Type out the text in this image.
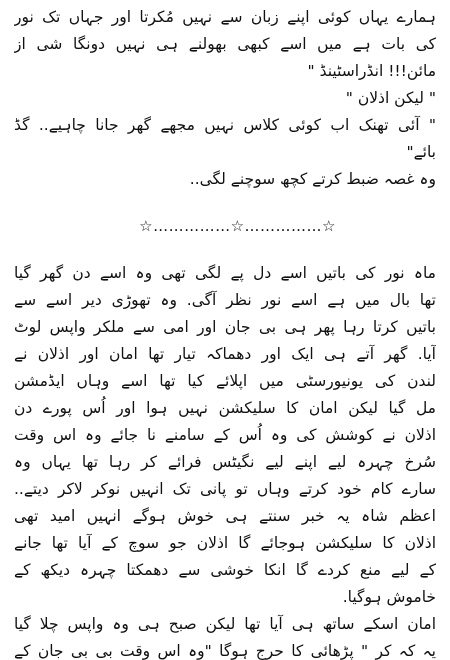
ہمارے یہاں کوئی اپنے زبان سے نہیں مُکرتا اور جہاں تک نور
کی بات ہے میں اسے کبھی بھولنے ہی نہیں دونگا شی از
مائن!!! انڈراسٹینڈ "
" لیکن اذلان "
" آئی تھنک اب کوئی کلاس نہیں مجھے گھر جانا چاہیے.. گڈ
بائے"
وہ غصہ ضبط کرتے کچھ سوچنے لگی..
☆……………☆……………☆
ماہ نور کی باتیں اسے دل پے لگی تھی وہ اسے دن گھر گیا
تھا بال میں ہے اسے نور نظر آگی. وہ تھوڑی دیر اسے سے
باتیں کرتا رہا پھر ہی بی جان اور امی سے ملکر واپس لوٹ
آیا. گھر آتے ہی ایک اور دھماکہ تیار تھا امان اور اذلان نے
لندن کی یونیورسٹی میں اپلائے کیا تھا اسے وہاں ایڈمشن
مل گیا لیکن امان کا سلیکشن نہیں ہوا اور اُس پورے دن
اذلان نے کوشش کی وہ اُس کے سامنے نا جائے وہ اس وقت
سُرخ چہرہ لیے اپنے لیے نگیٹس فرائے کر رہا تھا یہاں وہ
سارے کام خود کرتے وہاں تو پانی تک انہیں نوکر لاکر دیتے..
اعظم شاہ یہ خبر سنتے ہی خوش ہوگے انہیں امید تھی
اذلان کا سلیکشن ہوجائے گا اذلان جو سوچ کے آیا تھا جانے
کے لیے منع کردے گا انکا خوشی سے دھمکتا چہرہ دیکھ کے
خاموش ہوگیا.
امان اسکے ساتھ ہی آیا تھا لیکن صبح ہی وہ واپس چلا گیا
یہ کہ کر " پڑھائی کا حرج ہوگا "وہ اس وقت بی بی جان کے
